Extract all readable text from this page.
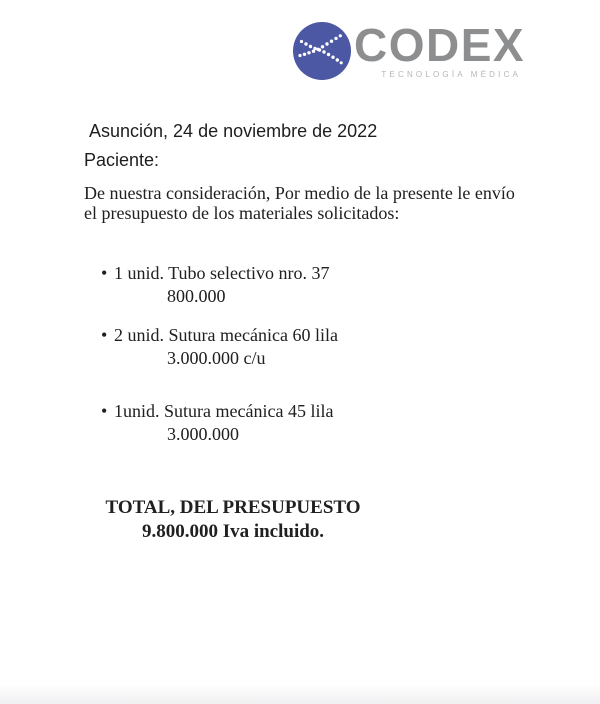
CODEX
TECNOLOGÍA MÉDICA
Asunción, 24 de noviembre de 2022
Paciente:
De nuestra consideración, Por medio de la presente le envío
el presupuesto de los materiales solicitados:
• 1 unid. Tubo selectivo nro. 37
800.000
• 2 unid. Sutura mecánica 60 lila
3.000.000 c/u
• 1unid. Sutura mecánica 45 lila
3.000.000
TOTAL, DEL PRESUPUESTO
9.800.000 Iva incluido.
